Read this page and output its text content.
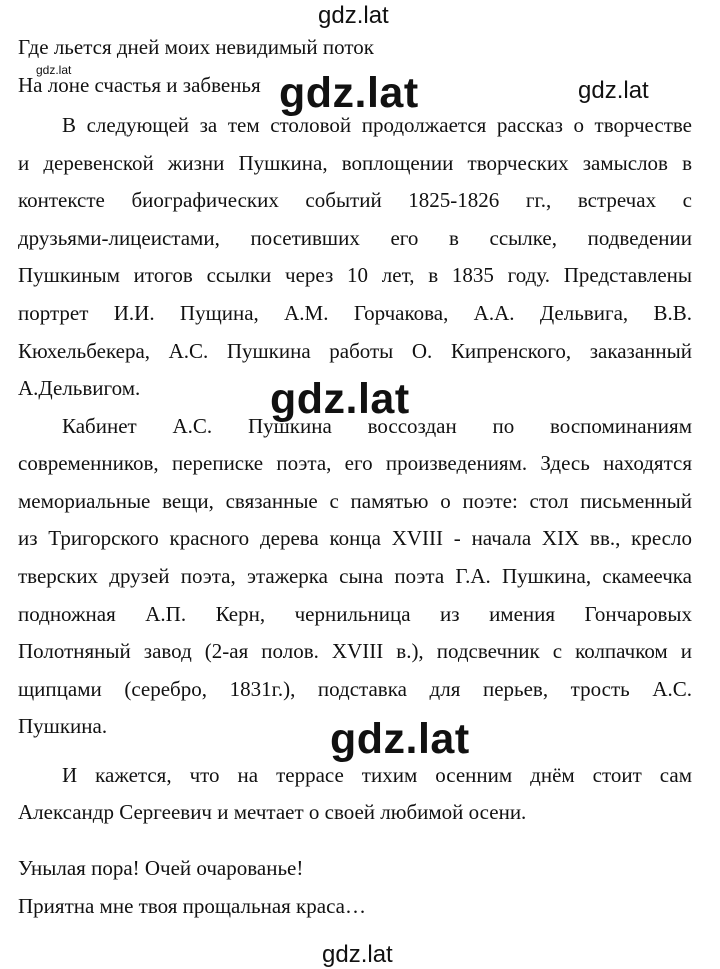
gdz.lat
Где льется дней моих невидимый поток
На лоне счастья и забвенья
gdz.lat	gdz.lat	gdz.lat
В следующей за тем столовой продолжается рассказ о творчестве
и деревенской жизни Пушкина, воплощении творческих замыслов в
контексте биографических событий 1825-1826 гг., встречах с
друзьями-лицеистами, посетивших его в ссылке, подведении
Пушкиным итогов ссылки через 10 лет, в 1835 году. Представлены
портрет И.И. Пущина, А.М. Горчакова, А.А. Дельвига, В.В.
Кюхельбекера, А.С. Пушкина работы О. Кипренского, заказанный
А.Дельвигом.	gdz.lat
Кабинет А.С. Пушкина воссоздан по воспоминаниям
современников, переписке поэта, его произведениям. Здесь находятся
мемориальные вещи, связанные с памятью о поэте: стол письменный
из Тригорского красного дерева конца XVIII - начала XIX вв., кресло
тверских друзей поэта, этажерка сына поэта Г.А. Пушкина, скамеечка
подножная А.П. Керн, чернильница из имения Гончаровых
Полотняный завод (2-ая полов. XVIII в.), подсвечник с колпачком и
щипцами (серебро, 1831г.), подставка для перьев, трость А.С.
Пушкина.	gdz.lat
И кажется, что на террасе тихим осенним днём стоит сам
Александр Сергеевич и мечтает о своей любимой осени.
Унылая пора! Очей очарованье!
Приятна мне твоя прощальная краса…
gdz.lat
